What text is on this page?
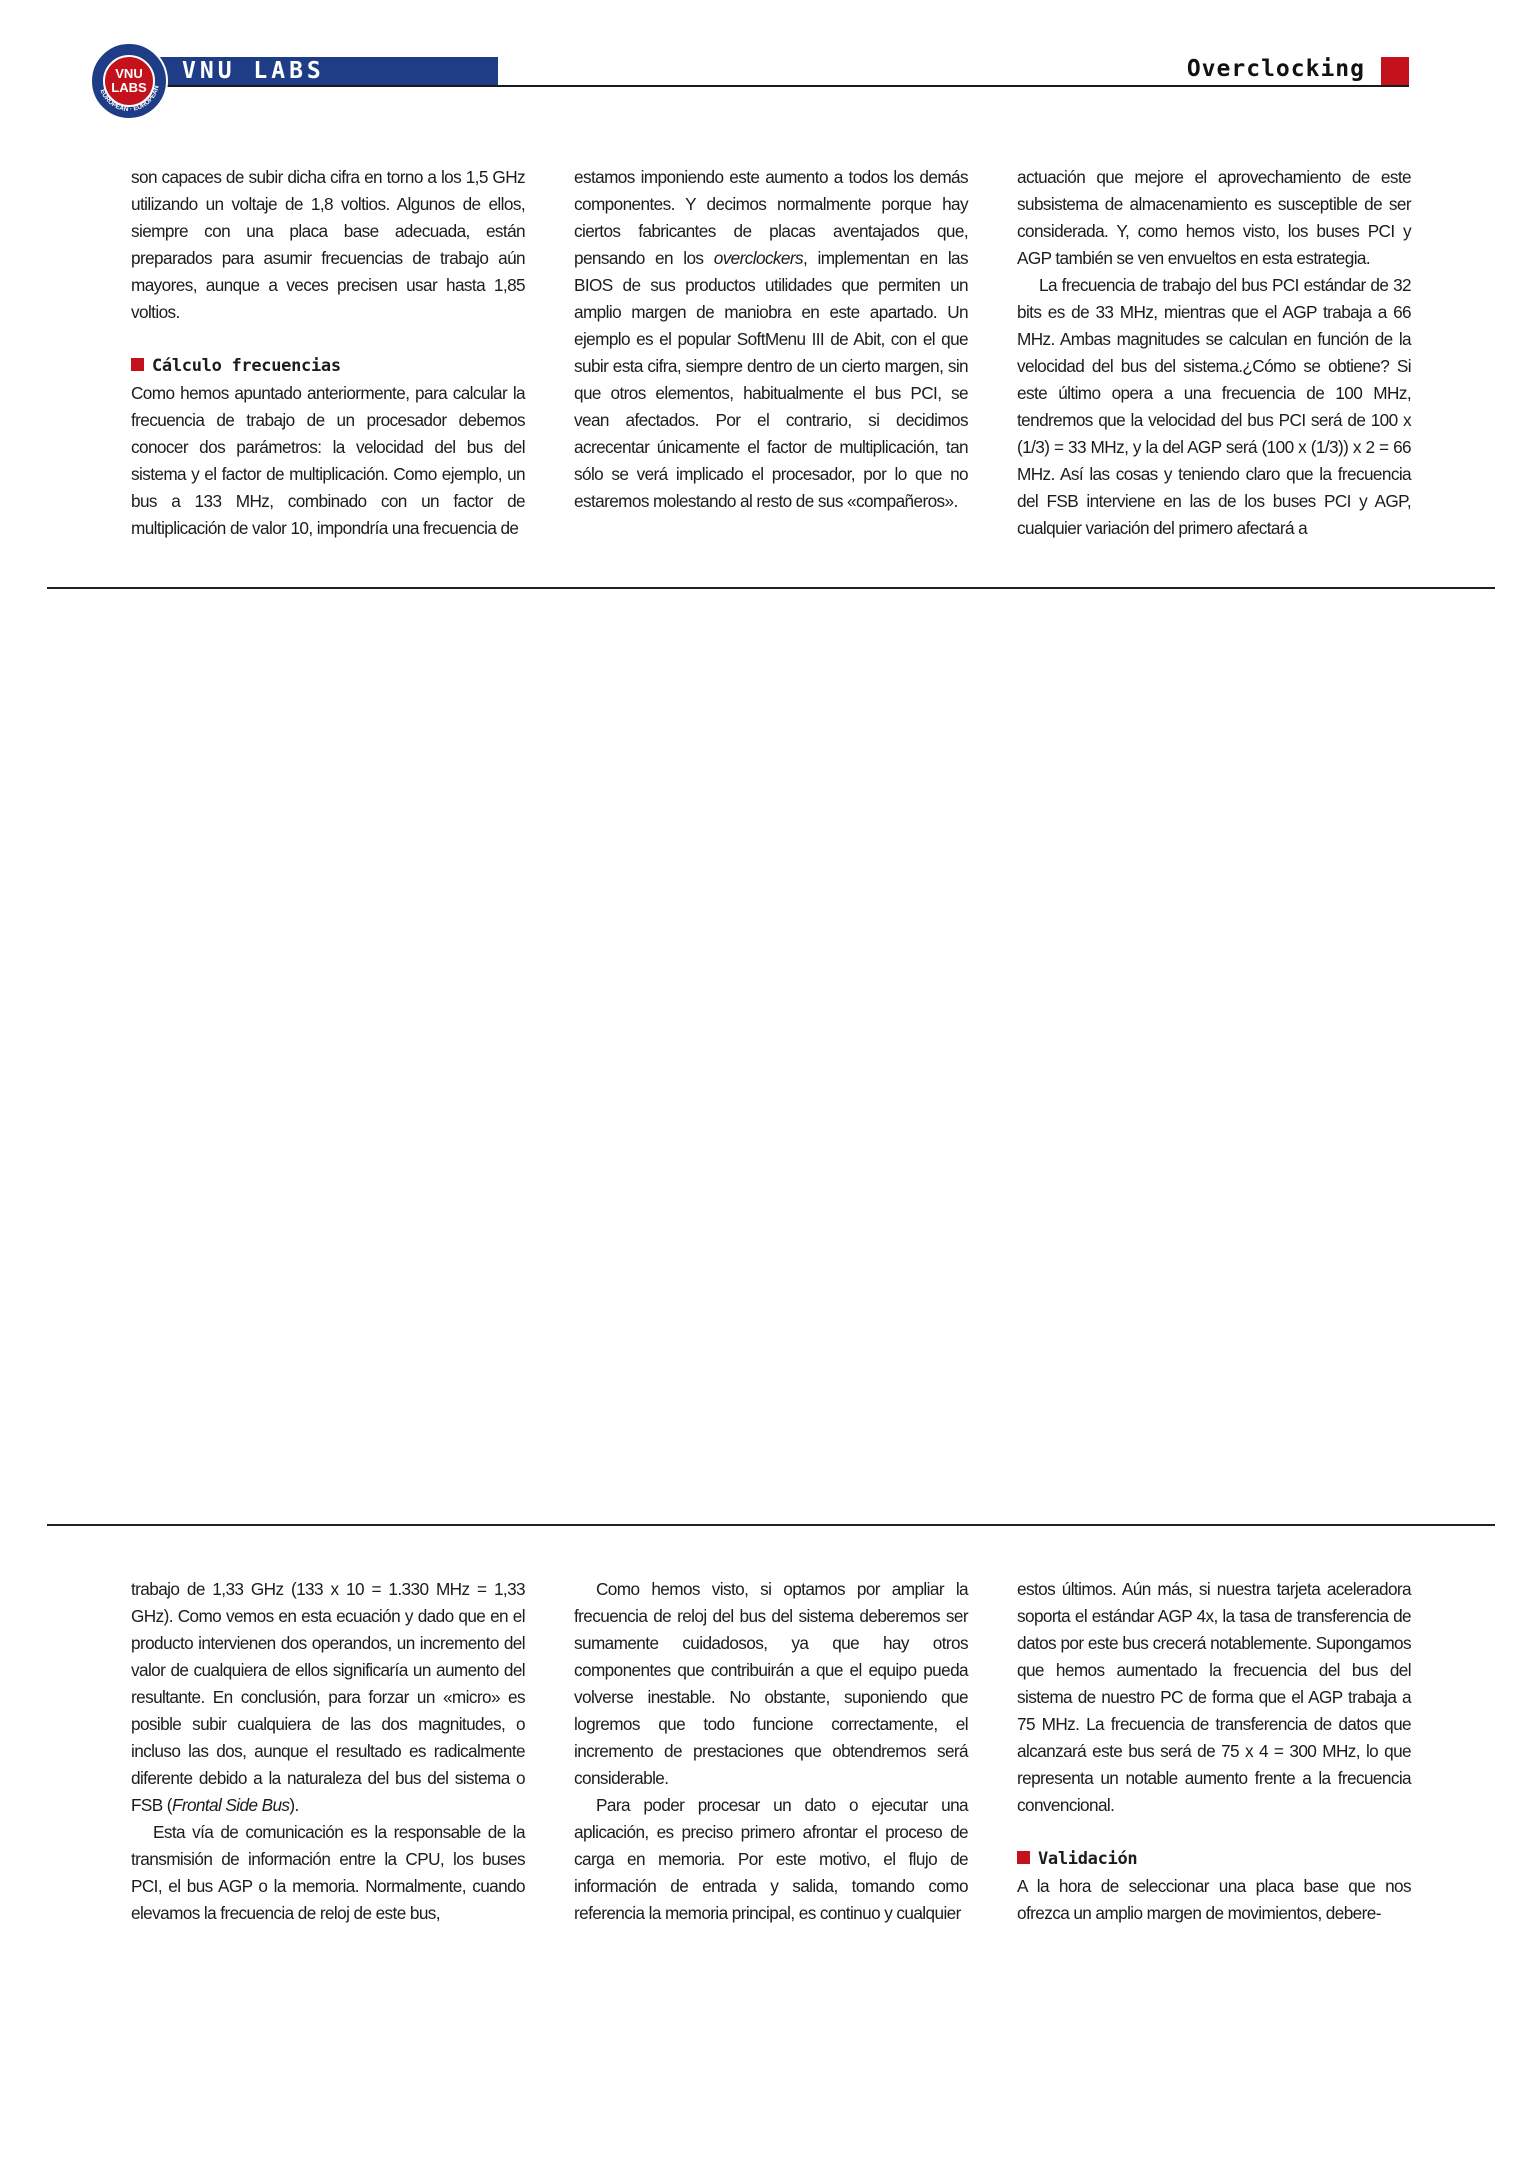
VNU LABS	Overclocking
VNU
LABS
EUROPEAN · EUROPEAN

son capaces de subir dicha cifra en torno a los 1,5 GHz utilizando un voltaje de 1,8 voltios. Algunos de ellos, siempre con una placa base adecuada, están preparados para asumir frecuencias de trabajo aún mayores, aunque a veces precisen usar hasta 1,85 voltios.

Cálculo frecuencias

Como hemos apuntado anteriormente, para calcular la frecuencia de trabajo de un procesador debemos conocer dos parámetros: la velocidad del bus del sistema y el factor de multiplicación. Como ejemplo, un bus a 133 MHz, combinado con un factor de multiplicación de valor 10, impondría una frecuencia de

estamos imponiendo este aumento a todos los demás componentes. Y decimos normalmente porque hay ciertos fabricantes de placas aventajados que, pensando en los overclockers, implementan en las BIOS de sus productos utilidades que permiten un amplio margen de maniobra en este apartado. Un ejemplo es el popular SoftMenu III de Abit, con el que subir esta cifra, siempre dentro de un cierto margen, sin que otros elementos, habitualmente el bus PCI, se vean afectados. Por el contrario, si decidimos acrecentar únicamente el factor de multiplicación, tan sólo se verá implicado el procesador, por lo que no estaremos molestando al resto de sus «compañeros».

actuación que mejore el aprovechamiento de este subsistema de almacenamiento es susceptible de ser considerada. Y, como hemos visto, los buses PCI y AGP también se ven envueltos en esta estrategia.

La frecuencia de trabajo del bus PCI estándar de 32 bits es de 33 MHz, mientras que el AGP trabaja a 66 MHz. Ambas magnitudes se calculan en función de la velocidad del bus del sistema.¿Cómo se obtiene? Si este último opera a una frecuencia de 100 MHz, tendremos que la velocidad del bus PCI será de 100 x (1/3) = 33 MHz, y la del AGP será (100 x (1/3)) x 2 = 66 MHz. Así las cosas y teniendo claro que la frecuencia del FSB interviene en las de los buses PCI y AGP, cualquier variación del primero afectará a

trabajo de 1,33 GHz (133 x 10 = 1.330 MHz = 1,33 GHz). Como vemos en esta ecuación y dado que en el producto intervienen dos operandos, un incremento del valor de cualquiera de ellos significaría un aumento del resultante. En conclusión, para forzar un «micro» es posible subir cualquiera de las dos magnitudes, o incluso las dos, aunque el resultado es radicalmente diferente debido a la naturaleza del bus del sistema o FSB (Frontal Side Bus).

Esta vía de comunicación es la responsable de la transmisión de información entre la CPU, los buses PCI, el bus AGP o la memoria. Normalmente, cuando elevamos la frecuencia de reloj de este bus,

Como hemos visto, si optamos por ampliar la frecuencia de reloj del bus del sistema deberemos ser sumamente cuidadosos, ya que hay otros componentes que contribuirán a que el equipo pueda volverse inestable. No obstante, suponiendo que logremos que todo funcione correctamente, el incremento de prestaciones que obtendremos será considerable.

Para poder procesar un dato o ejecutar una aplicación, es preciso primero afrontar el proceso de carga en memoria. Por este motivo, el flujo de información de entrada y salida, tomando como referencia la memoria principal, es continuo y cualquier

estos últimos. Aún más, si nuestra tarjeta aceleradora soporta el estándar AGP 4x, la tasa de transferencia de datos por este bus crecerá notablemente. Supongamos que hemos aumentado la frecuencia del bus del sistema de nuestro PC de forma que el AGP trabaja a 75 MHz. La frecuencia de transferencia de datos que alcanzará este bus será de 75 x 4 = 300 MHz, lo que representa un notable aumento frente a la frecuencia convencional.

Validación

A la hora de seleccionar una placa base que nos ofrezca un amplio margen de movimientos, debere-
